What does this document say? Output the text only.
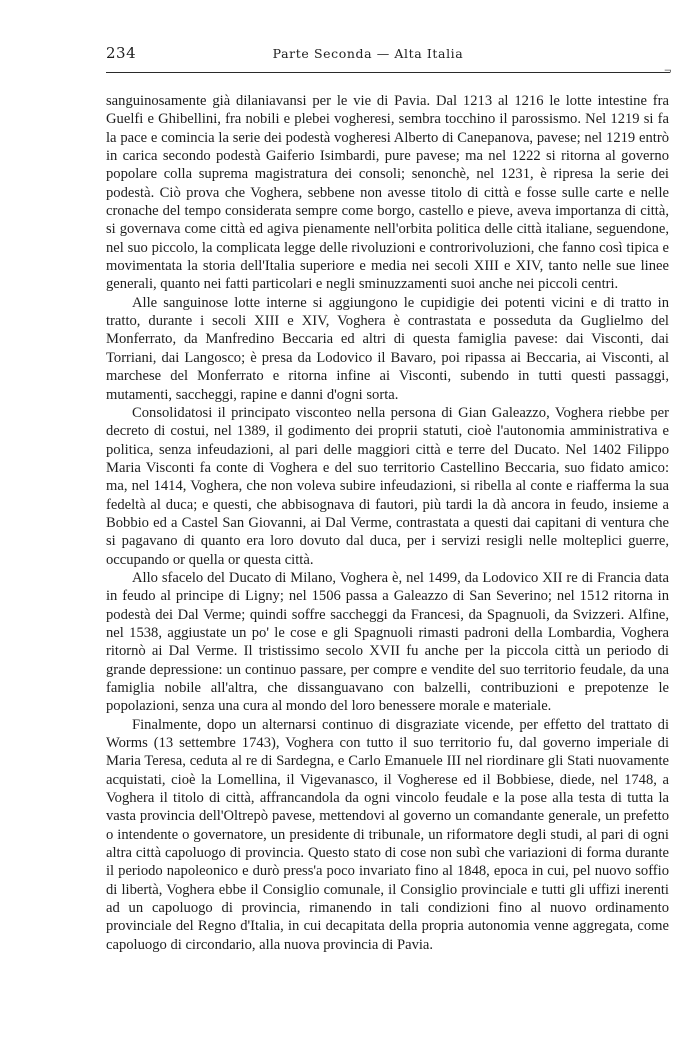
234	Parte Seconda — Alta Italia
¬

sanguinosamente già dilaniavansi per le vie di Pavia. Dal 1213 al 1216 le lotte intestine fra Guelfi e Ghibellini, fra nobili e plebei vogheresi, sembra tocchino il parossismo. Nel 1219 si fa la pace e comincia la serie dei podestà vogheresi Alberto di Canepanova, pavese; nel 1219 entrò in carica secondo podestà Gaiferio Isimbardi, pure pavese; ma nel 1222 si ritorna al governo popolare colla suprema magistratura dei consoli; senonchè, nel 1231, è ripresa la serie dei podestà. Ciò prova che Voghera, sebbene non avesse titolo di città e fosse sulle carte e nelle cronache del tempo considerata sempre come borgo, castello e pieve, aveva importanza di città, si governava come città ed agiva pienamente nell'orbita politica delle città italiane, seguendone, nel suo piccolo, la complicata legge delle rivoluzioni e controrivoluzioni, che fanno così tipica e movimentata la storia dell'Italia superiore e media nei secoli XIII e XIV, tanto nelle sue linee generali, quanto nei fatti particolari e negli sminuzzamenti suoi anche nei piccoli centri.

Alle sanguinose lotte interne si aggiungono le cupidigie dei potenti vicini e di tratto in tratto, durante i secoli XIII e XIV, Voghera è contrastata e posseduta da Guglielmo del Monferrato, da Manfredino Beccaria ed altri di questa famiglia pavese: dai Visconti, dai Torriani, dai Langosco; è presa da Lodovico il Bavaro, poi ripassa ai Beccaria, ai Visconti, al marchese del Monferrato e ritorna infine ai Visconti, subendo in tutti questi passaggi, mutamenti, saccheggi, rapine e danni d'ogni sorta.

Consolidatosi il principato visconteo nella persona di Gian Galeazzo, Voghera riebbe per decreto di costui, nel 1389, il godimento dei proprii statuti, cioè l'autonomia amministrativa e politica, senza infeudazioni, al pari delle maggiori città e terre del Ducato. Nel 1402 Filippo Maria Visconti fa conte di Voghera e del suo territorio Castellino Beccaria, suo fidato amico: ma, nel 1414, Voghera, che non voleva subire infeudazioni, si ribella al conte e riafferma la sua fedeltà al duca; e questi, che abbisognava di fautori, più tardi la dà ancora in feudo, insieme a Bobbio ed a Castel San Giovanni, ai Dal Verme, contrastata a questi dai capitani di ventura che si pagavano di quanto era loro dovuto dal duca, per i servizi resigli nelle molteplici guerre, occupando or quella or questa città.

Allo sfacelo del Ducato di Milano, Voghera è, nel 1499, da Lodovico XII re di Francia data in feudo al principe di Ligny; nel 1506 passa a Galeazzo di San Severino; nel 1512 ritorna in podestà dei Dal Verme; quindi soffre saccheggi da Francesi, da Spagnuoli, da Svizzeri. Alfine, nel 1538, aggiustate un po' le cose e gli Spagnuoli rimasti padroni della Lombardia, Voghera ritornò ai Dal Verme. Il tristissimo secolo XVII fu anche per la piccola città un periodo di grande depressione: un continuo passare, per compre e vendite del suo territorio feudale, da una famiglia nobile all'altra, che dissanguavano con balzelli, contribuzioni e prepotenze le popolazioni, senza una cura al mondo del loro benessere morale e materiale.

Finalmente, dopo un alternarsi continuo di disgraziate vicende, per effetto del trattato di Worms (13 settembre 1743), Voghera con tutto il suo territorio fu, dal governo imperiale di Maria Teresa, ceduta al re di Sardegna, e Carlo Emanuele III nel riordinare gli Stati nuovamente acquistati, cioè la Lomellina, il Vigevanasco, il Vogherese ed il Bobbiese, diede, nel 1748, a Voghera il titolo di città, affrancandola da ogni vincolo feudale e la pose alla testa di tutta la vasta provincia dell'Oltrepò pavese, mettendovi al governo un comandante generale, un prefetto o intendente o governatore, un presidente di tribunale, un riformatore degli studi, al pari di ogni altra città capoluogo di provincia. Questo stato di cose non subì che variazioni di forma durante il periodo napoleonico e durò press'a poco invariato fino al 1848, epoca in cui, pel nuovo soffio di libertà, Voghera ebbe il Consiglio comunale, il Consiglio provinciale e tutti gli uffizi inerenti ad un capoluogo di provincia, rimanendo in tali condizioni fino al nuovo ordinamento provinciale del Regno d'Italia, in cui decapitata della propria autonomia venne aggregata, come capoluogo di circondario, alla nuova provincia di Pavia.
